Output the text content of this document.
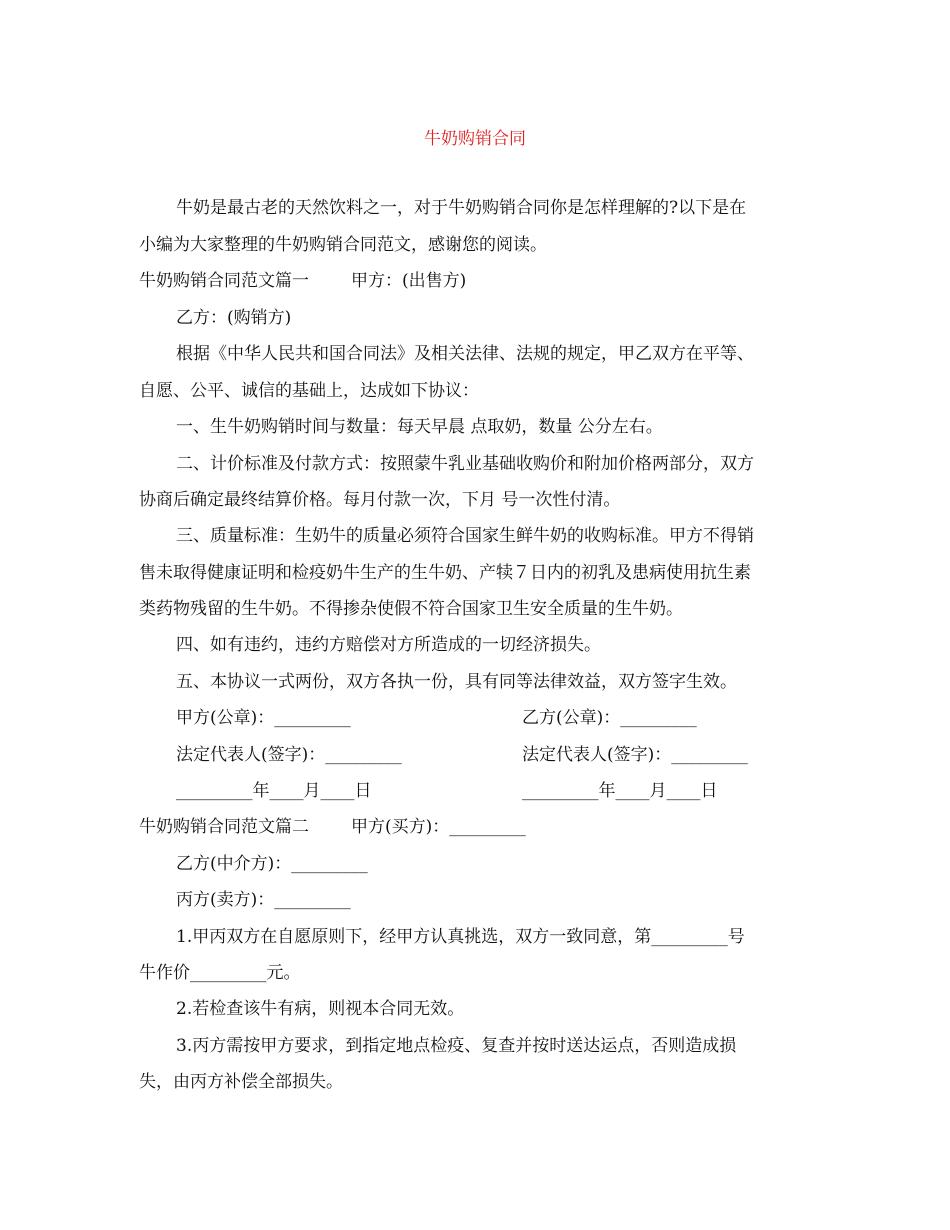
牛奶购销合同
牛奶是最古老的天然饮料之一，对于牛奶购销合同你是怎样理解的?以下是在
小编为大家整理的牛奶购销合同范文，感谢您的阅读。
牛奶购销合同范文篇一 甲方：(出售方)
乙方：(购销方)
根据《中华人民共和国合同法》及相关法律、法规的规定，甲乙双方在平等、
自愿、公平、诚信的基础上，达成如下协议：
一、生牛奶购销时间与数量：每天早晨 点取奶，数量 公分左右。
二、计价标准及付款方式：按照蒙牛乳业基础收购价和附加价格两部分，双方
协商后确定最终结算价格。每月付款一次，下月 号一次性付清。
三、质量标准：生奶牛的质量必须符合国家生鲜牛奶的收购标准。甲方不得销
售未取得健康证明和检疫奶牛生产的生牛奶、产犊７日内的初乳及患病使用抗生素
类药物残留的生牛奶。不得掺杂使假不符合国家卫生安全质量的生牛奶。
四、如有违约，违约方赔偿对方所造成的一切经济损失。
五、本协议一式两份，双方各执一份，具有同等法律效益，双方签字生效。
甲方(公章)：_________	乙方(公章)：_________
法定代表人(签字)：_________	法定代表人(签字)：_________
_________年____月____日	_________年____月____日
牛奶购销合同范文篇二 甲方(买方)：_________
乙方(中介方)：_________
丙方(卖方)：_________
1.甲丙双方在自愿原则下，经甲方认真挑选，双方一致同意，第_________号
牛作价_________元。
2.若检查该牛有病，则视本合同无效。
3.丙方需按甲方要求，到指定地点检疫、复查并按时送达运点，否则造成损
失，由丙方补偿全部损失。
